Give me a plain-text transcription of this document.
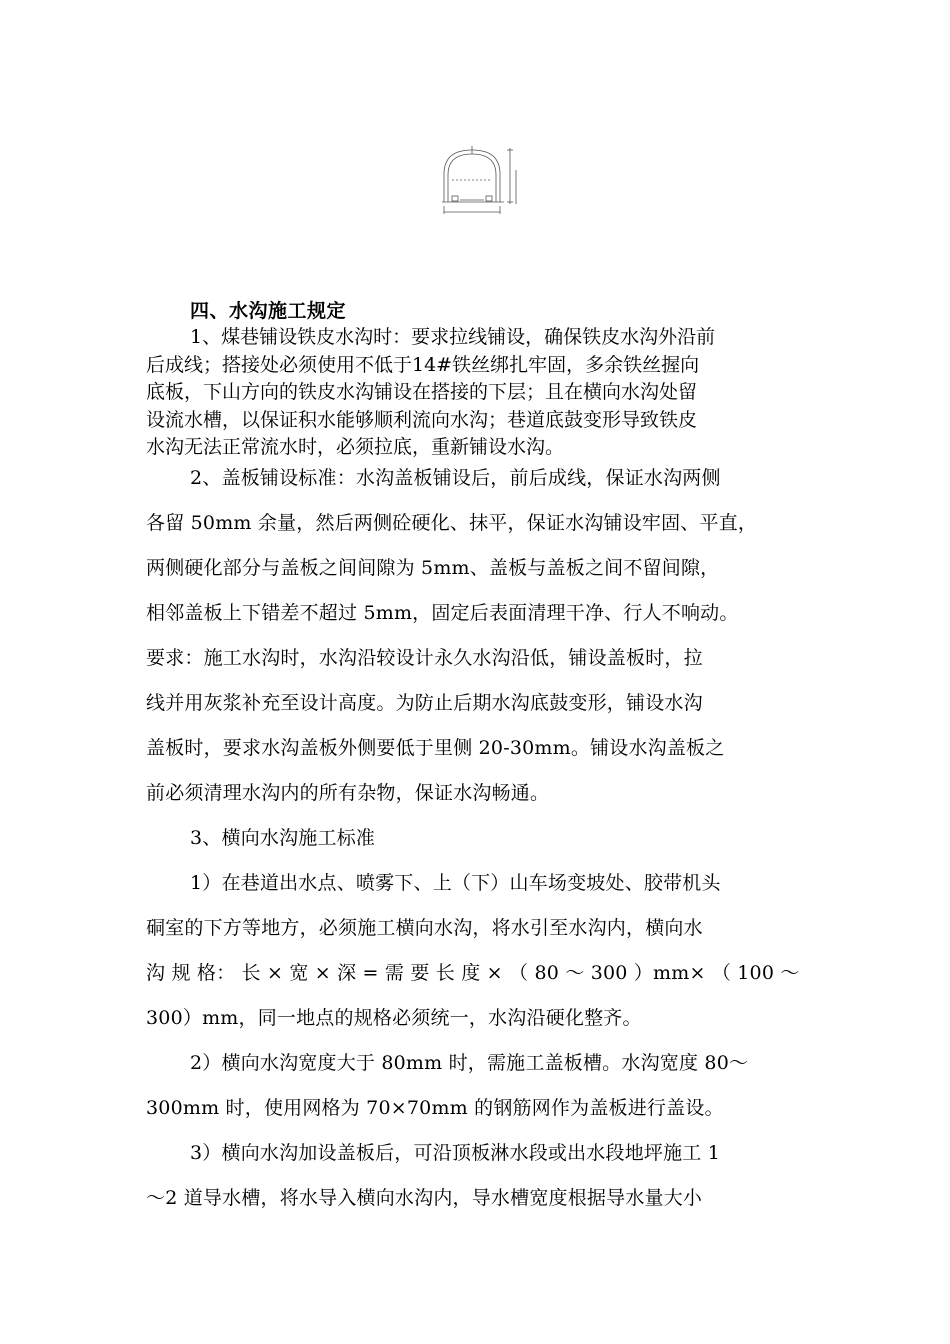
四、水沟施工规定
1、煤巷铺设铁皮水沟时：要求拉线铺设，确保铁皮水沟外沿前
后成线；搭接处必须使用不低于14#铁丝绑扎牢固，多余铁丝握向
底板，下山方向的铁皮水沟铺设在搭接的下层；且在横向水沟处留
设流水槽，以保证积水能够顺利流向水沟；巷道底鼓变形导致铁皮
水沟无法正常流水时，必须拉底，重新铺设水沟。
2、盖板铺设标准：水沟盖板铺设后，前后成线，保证水沟两侧
各留 50mm 余量，然后两侧砼硬化、抹平，保证水沟铺设牢固、平直，
两侧硬化部分与盖板之间间隙为 5mm、盖板与盖板之间不留间隙，
相邻盖板上下错差不超过 5mm，固定后表面清理干净、行人不响动。
要求：施工水沟时，水沟沿较设计永久水沟沿低，铺设盖板时，拉
线并用灰浆补充至设计高度。为防止后期水沟底鼓变形，铺设水沟
盖板时，要求水沟盖板外侧要低于里侧 20-30mm。铺设水沟盖板之
前必须清理水沟内的所有杂物，保证水沟畅通。
3、横向水沟施工标准
1）在巷道出水点、喷雾下、上（下）山车场变坡处、胶带机头
硐室的下方等地方，必须施工横向水沟，将水引至水沟内，横向水
沟 规 格： 长 × 宽 × 深 = 需 要 长 度 × （ 80 ～ 300 ）mm× （ 100 ～
300）mm，同一地点的规格必须统一，水沟沿硬化整齐。
2）横向水沟宽度大于 80mm 时，需施工盖板槽。水沟宽度 80～
300mm 时，使用网格为 70×70mm 的钢筋网作为盖板进行盖设。
3）横向水沟加设盖板后，可沿顶板淋水段或出水段地坪施工 1
～2 道导水槽，将水导入横向水沟内，导水槽宽度根据导水量大小
